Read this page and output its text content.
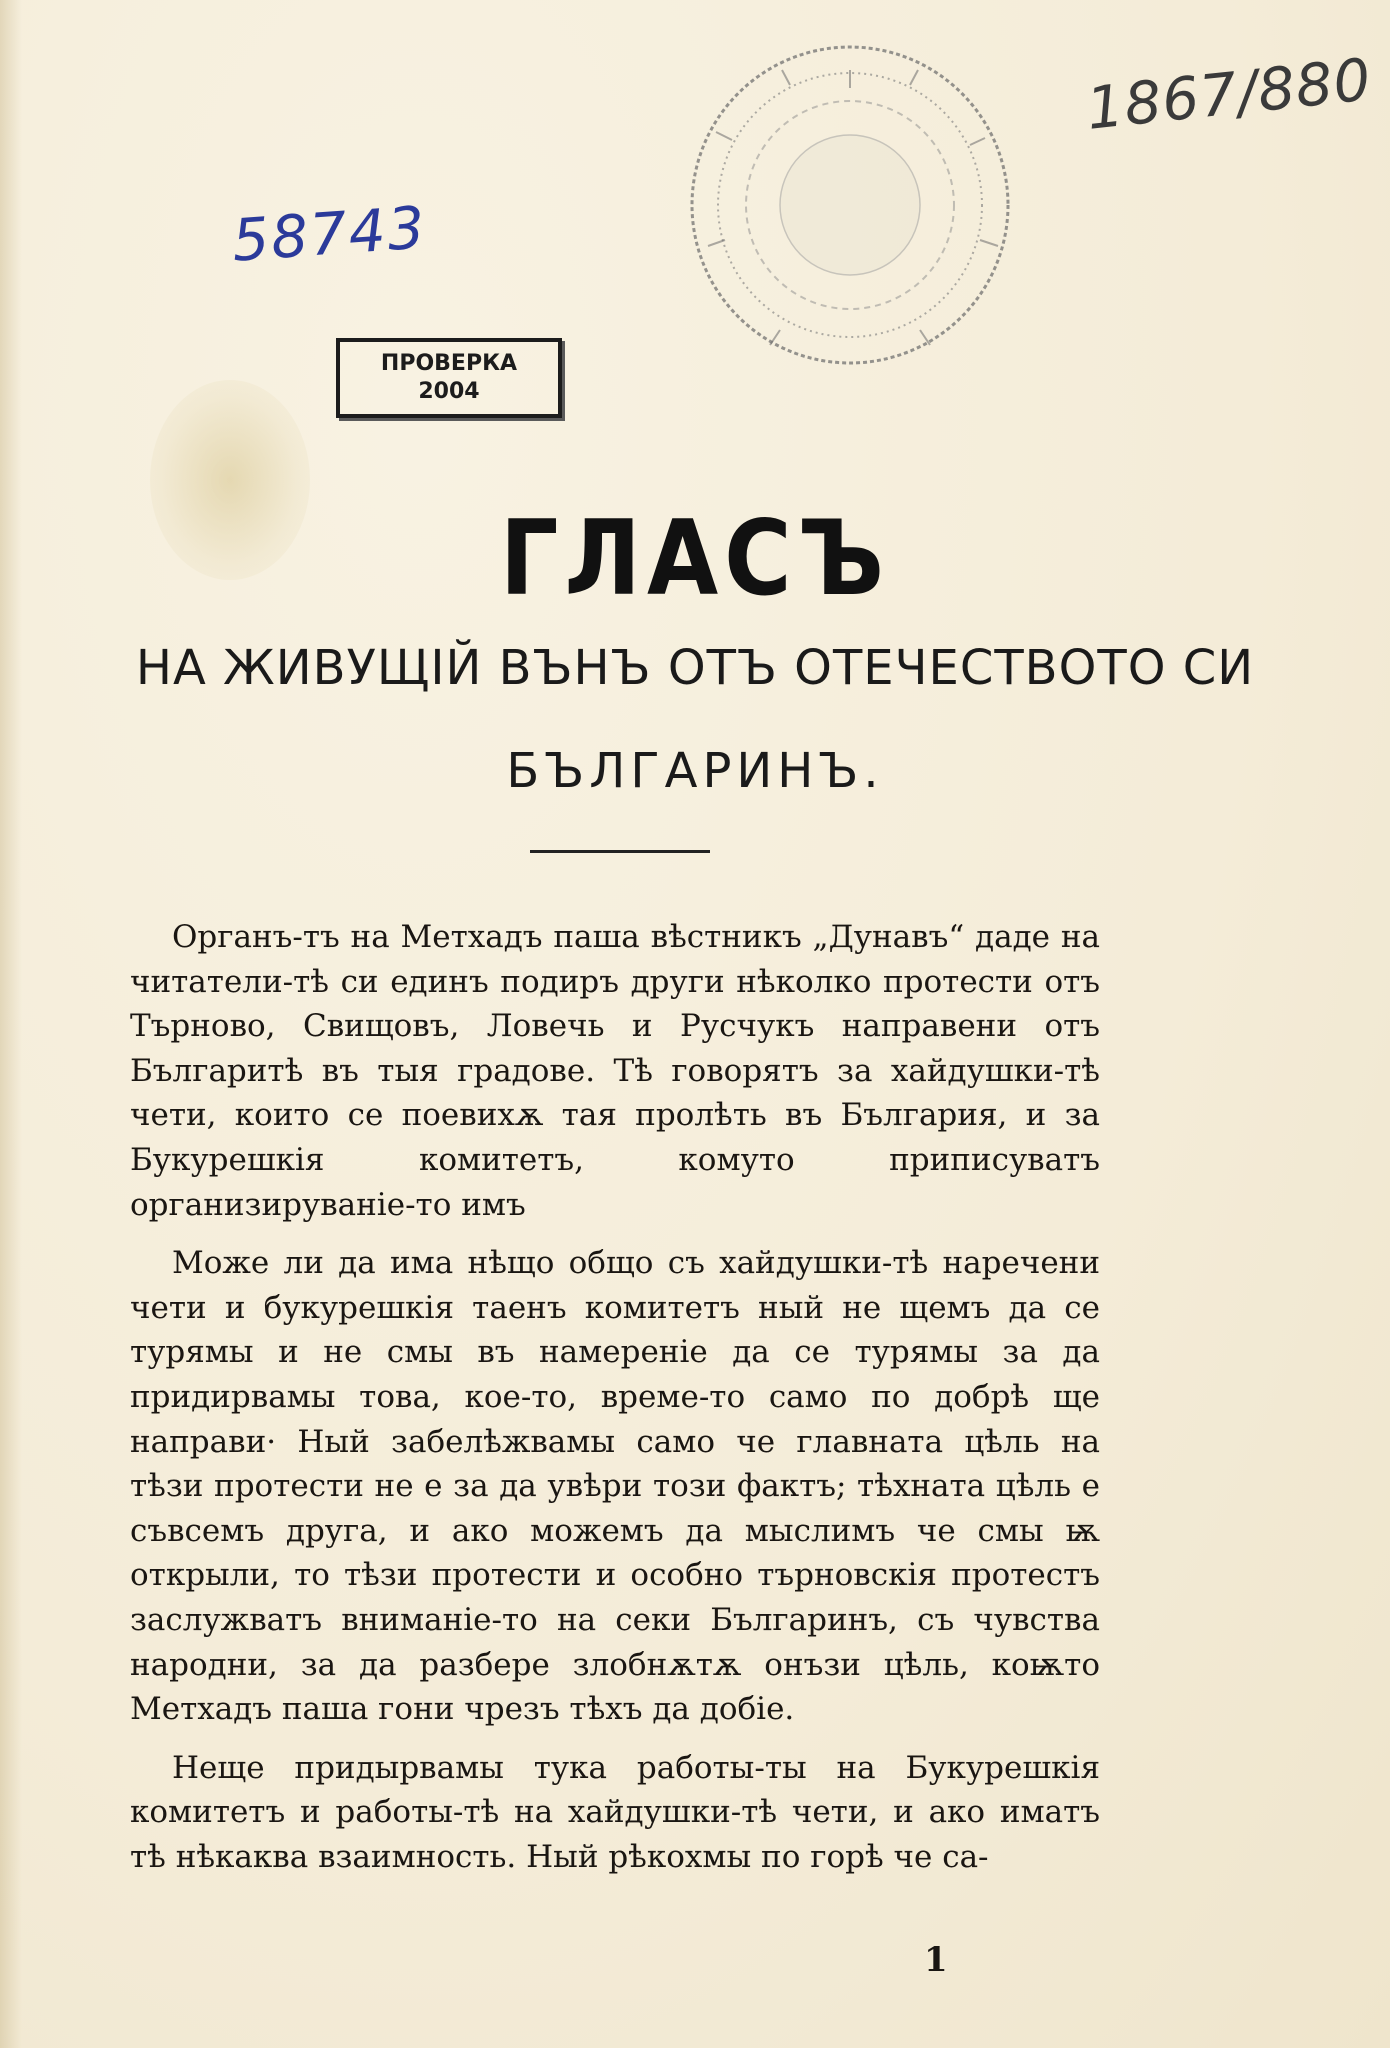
58743
ПРОВЕРКА
2004
1867/880
ГЛАСЪ
НА ЖИВУЩІЙ ВЪНЪ ОТЪ ОТЕЧЕСТВОТО СИ
БЪЛГАРИНЪ.

Органъ-тъ на Метхадъ паша вѣстникъ „Дунавъ“ даде на читатели-тѣ си единъ подиръ други нѣколко протести отъ Търново, Свищовъ, Ловечь и Русчукъ направени отъ Българитѣ въ тыя градове. Тѣ говорятъ за хайдушки-тѣ чети, които се поевихѫ тая пролѣть въ България, и за Букурешкія комитетъ, комуто приписуватъ организируваніе-то имъ

Може ли да има нѣщо общо съ хайдушки-тѣ наречени чети и букурешкія таенъ комитетъ ный не щемъ да се турямы и не смы въ намереніе да се турямы за да придирвамы това, кое-то, време-то само по добрѣ ще направи· Ный забелѣжвамы само че главната цѣль на тѣзи протести не е за да увѣри този фактъ; тѣхната цѣль е съвсемъ друга, и ако можемъ да мыслимъ че смы ѭ открыли, то тѣзи протести и особно търновскія протестъ заслужватъ вниманіе-то на секи Българинъ, съ чувства народни, за да разбере злобнѫтѫ онъзи цѣль, коѭто Метхадъ паша гони чрезъ тѣхъ да добіе.

Неще придырвамы тука работы-ты на Букурешкія комитетъ и работы-тѣ на хайдушки-тѣ чети, и ако иматъ тѣ нѣкаква взаимность. Ный рѣкохмы по горѣ че са-

1
